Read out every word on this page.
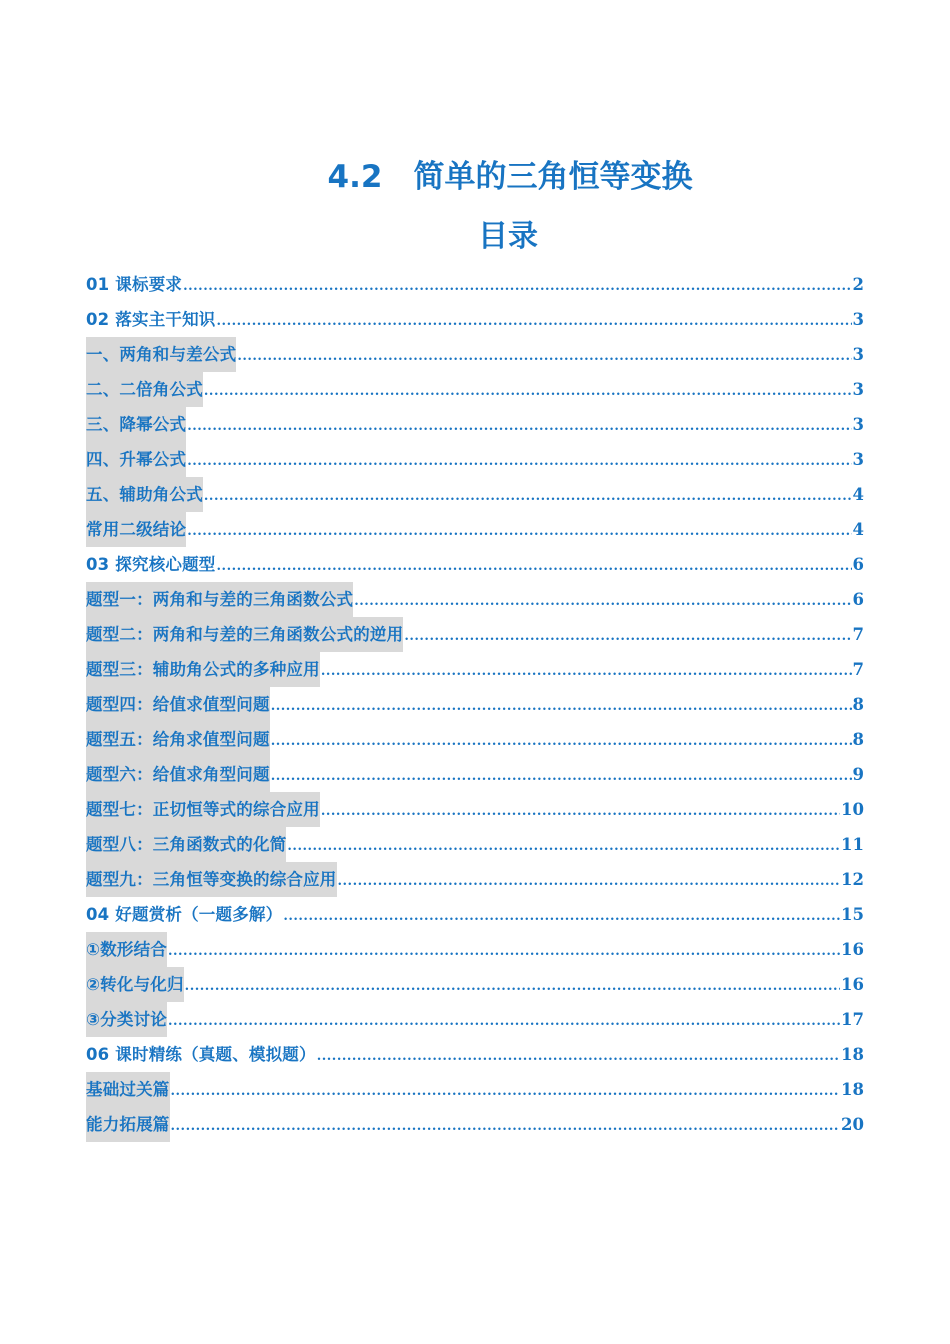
4.2　简单的三角恒等变换
目录
01 课标要求 .....	2
02 落实主干知识 .....	3
一、两角和与差公式 .....	3
二、二倍角公式 .....	3
三、降幂公式 .....	3
四、升幂公式 .....	3
五、辅助角公式 .....	4
常用二级结论 .....	4
03 探究核心题型 .....	6
题型一：两角和与差的三角函数公式 .....	6
题型二：两角和与差的三角函数公式的逆用 .....	7
题型三：辅助角公式的多种应用 .....	7
题型四：给值求值型问题 .....	8
题型五：给角求值型问题 .....	8
题型六：给值求角型问题 .....	9
题型七：正切恒等式的综合应用 .....	10
题型八：三角函数式的化简 .....	11
题型九：三角恒等变换的综合应用 .....	12
04 好题赏析（一题多解） .....	15
①数形结合 .....	16
②转化与化归 .....	16
③分类讨论 .....	17
06 课时精练（真题、模拟题） .....	18
基础过关篇 .....	18
能力拓展篇 .....	20
